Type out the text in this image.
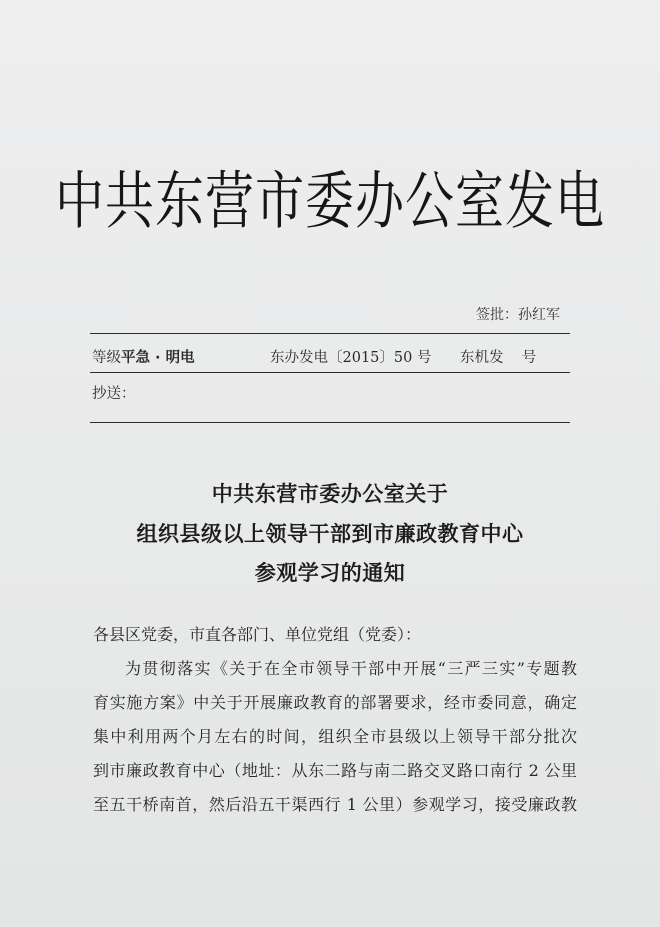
中共东营市委办公室发电
签批：孙红军
等级平急 · 明电	东办发电〔2015〕50 号 东机发    号
抄送：
中共东营市委办公室关于
组织县级以上领导干部到市廉政教育中心
参观学习的通知
各县区党委，市直各部门、单位党组（党委）：
为贯彻落实《关于在全市领导干部中开展“三严三实”专题教
育实施方案》中关于开展廉政教育的部署要求，经市委同意，确定
集中利用两个月左右的时间，组织全市县级以上领导干部分批次
到市廉政教育中心（地址：从东二路与南二路交叉路口南行 2 公里
至五干桥南首，然后沿五干渠西行 1 公里）参观学习，接受廉政教
